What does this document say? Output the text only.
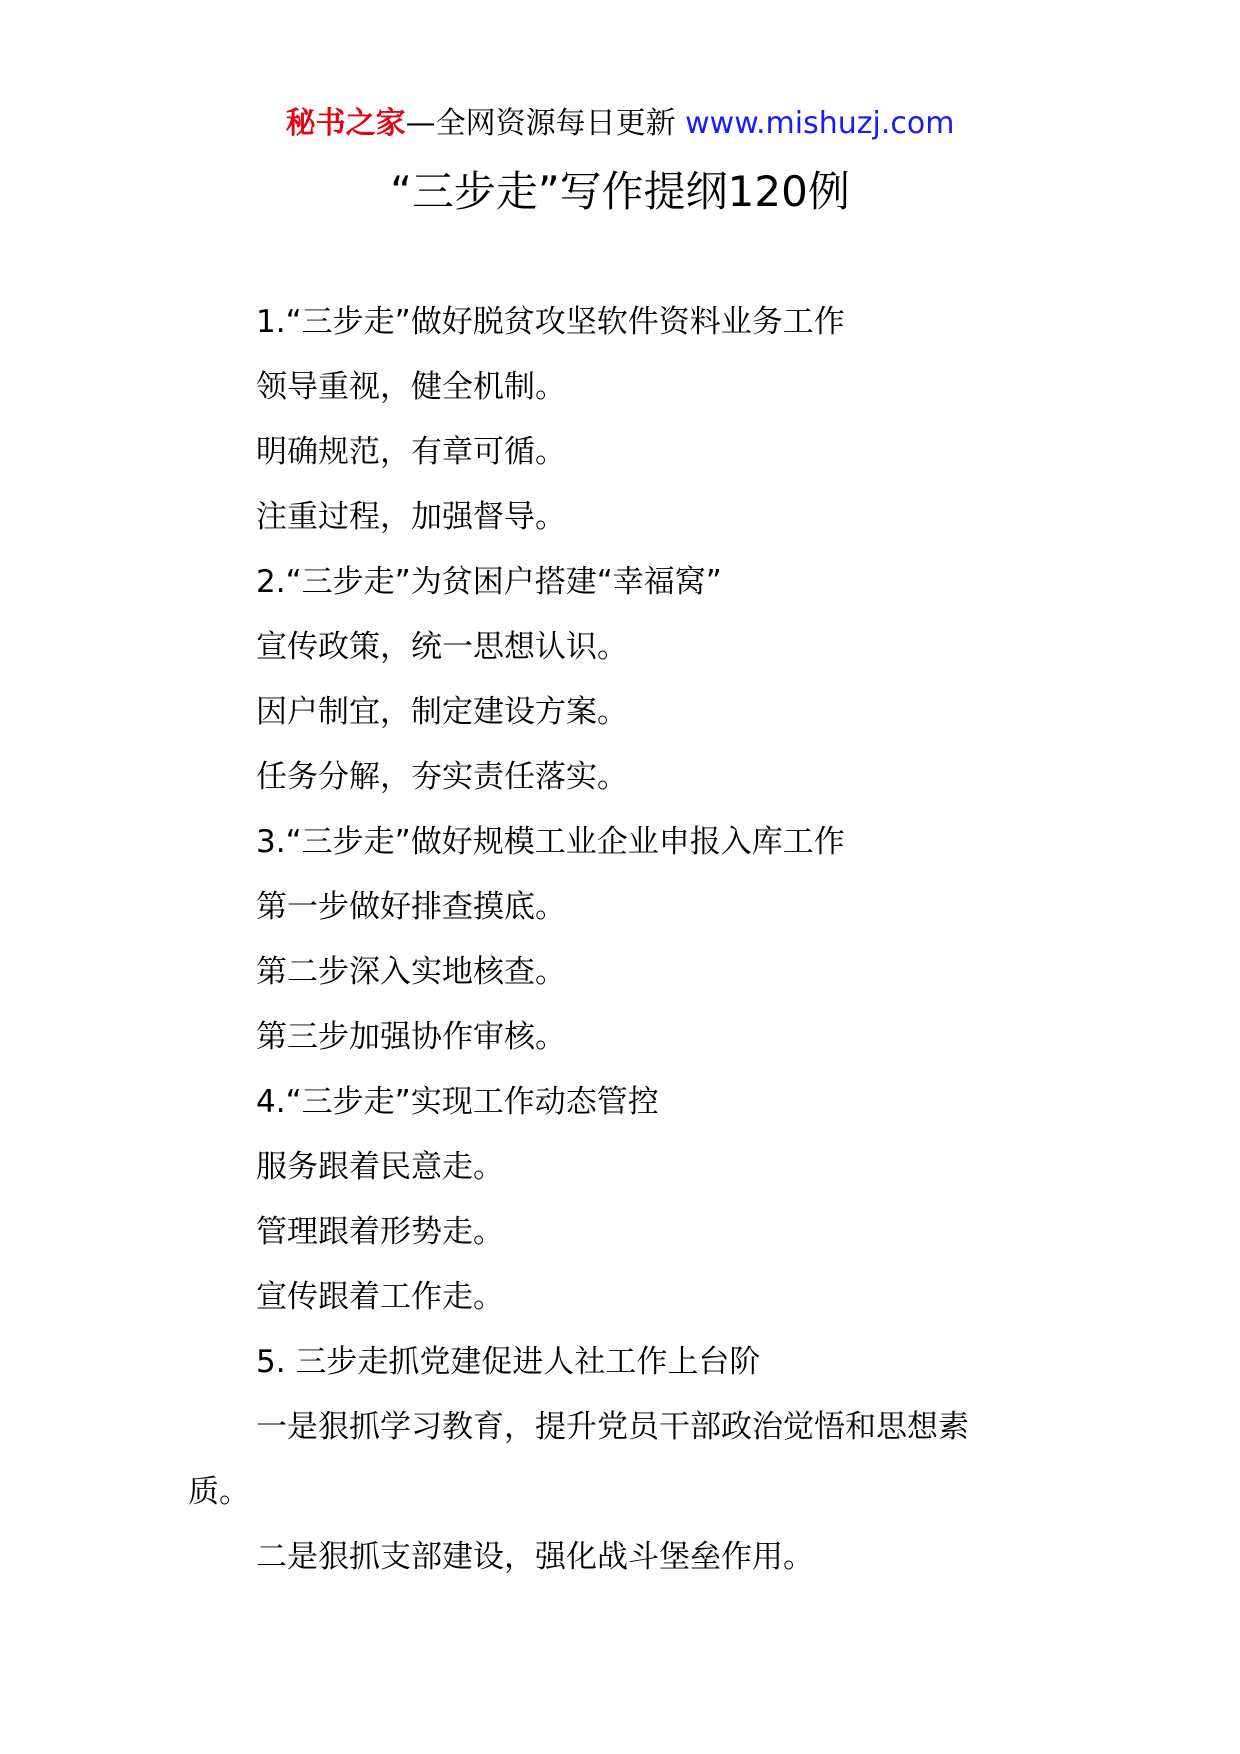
秘书之家—全网资源每日更新 www.mishuzj.com
“三步走”写作提纲120例
1.“三步走”做好脱贫攻坚软件资料业务工作
领导重视，健全机制。
明确规范，有章可循。
注重过程，加强督导。
2.“三步走”为贫困户搭建“幸福窝”
宣传政策，统一思想认识。
因户制宜，制定建设方案。
任务分解，夯实责任落实。
3.“三步走”做好规模工业企业申报入库工作
第一步做好排查摸底。
第二步深入实地核查。
第三步加强协作审核。
4.“三步走”实现工作动态管控
服务跟着民意走。
管理跟着形势走。
宣传跟着工作走。
5. 三步走抓党建促进人社工作上台阶
一是狠抓学习教育，提升党员干部政治觉悟和思想素
质。
二是狠抓支部建设，强化战斗堡垒作用。
